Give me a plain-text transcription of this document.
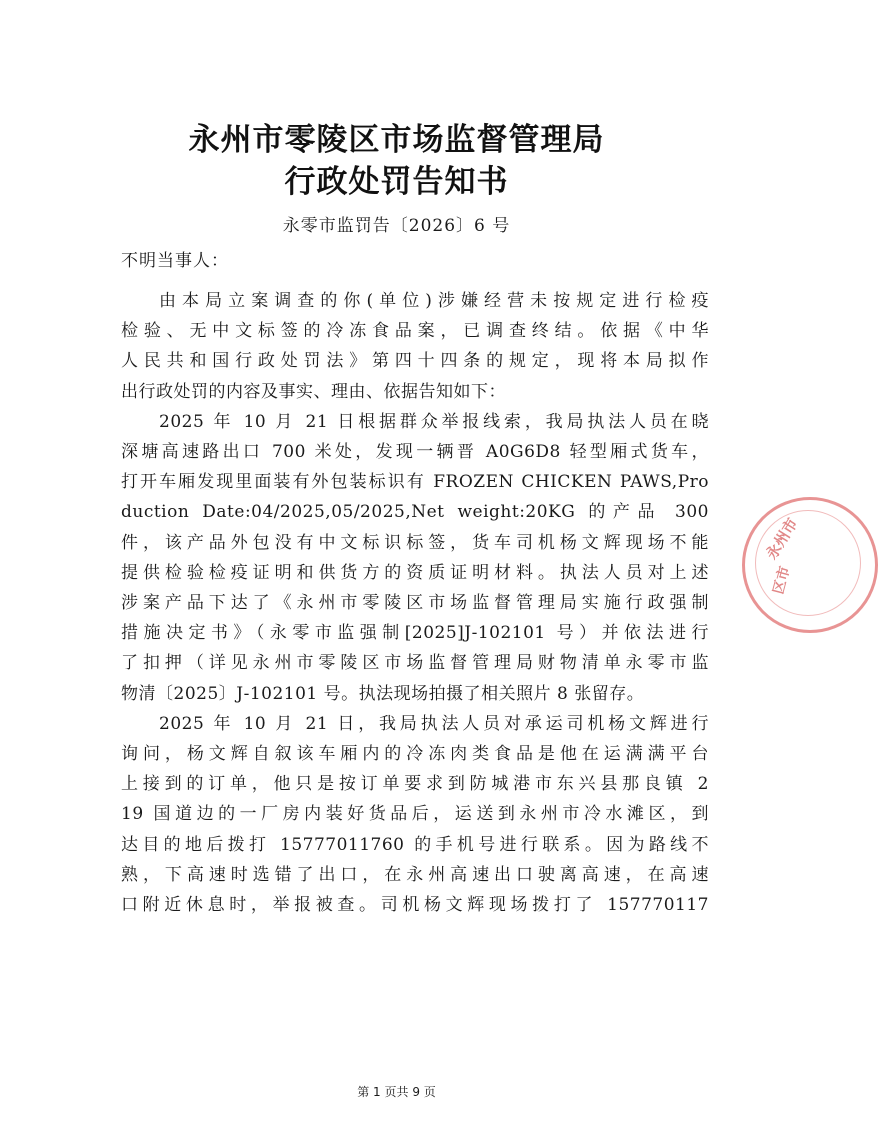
永州市零陵区市场监督管理局
行政处罚告知书
永零市监罚告〔2026〕6 号
不明当事人：
由本局立案调查的你(单位)涉嫌经营未按规定进行检疫
检验、无中文标签的冷冻食品案，已调查终结。依据《中华
人民共和国行政处罚法》第四十四条的规定，现将本局拟作
出行政处罚的内容及事实、理由、依据告知如下：
2025 年 10 月 21 日根据群众举报线索，我局执法人员在晓
深塘高速路出口 700 米处，发现一辆晋 A0G6D8 轻型厢式货车，
打开车厢发现里面装有外包装标识有 FROZEN CHICKEN PAWS,Pro
duction Date:04/2025,05/2025,Net weight:20KG 的产品 300
件，该产品外包没有中文标识标签，货车司机杨文辉现场不能
提供检验检疫证明和供货方的资质证明材料。执法人员对上述
涉案产品下达了《永州市零陵区市场监督管理局实施行政强制
措施决定书》（永零市监强制[2025]J-102101 号）并依法进行
了扣押（详见永州市零陵区市场监督管理局财物清单永零市监
物清〔2025〕J-102101 号。执法现场拍摄了相关照片 8 张留存。
2025 年 10 月 21 日，我局执法人员对承运司机杨文辉进行
询问，杨文辉自叙该车厢内的冷冻肉类食品是他在运满满平台
上接到的订单，他只是按订单要求到防城港市东兴县那良镇 2
19 国道边的一厂房内装好货品后，运送到永州市冷水滩区，到
达目的地后拨打 15777011760 的手机号进行联系。因为路线不
熟，下高速时选错了出口，在永州高速出口驶离高速，在高速
口附近休息时，举报被查。司机杨文辉现场拨打了 157770117
永州市
区市
第 1 页共 9 页
